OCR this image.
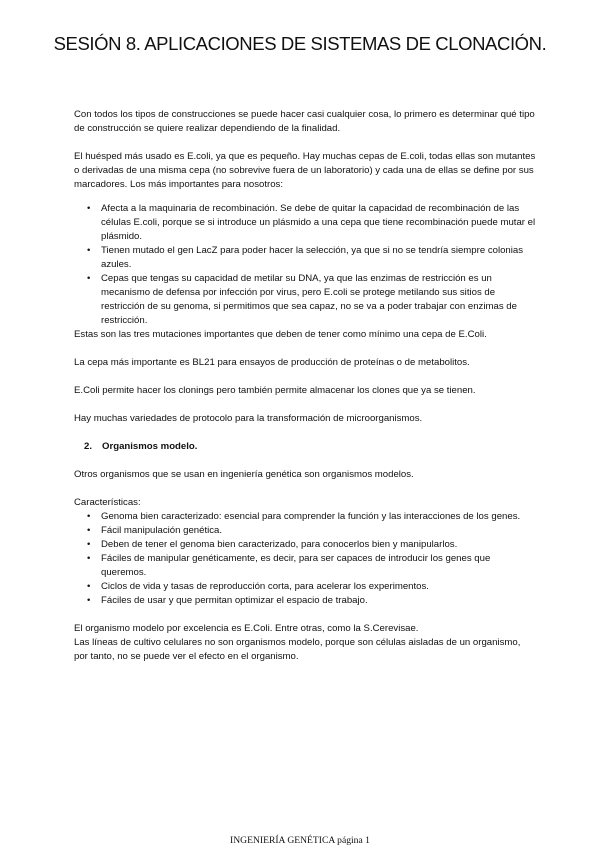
SESIÓN 8. APLICACIONES DE SISTEMAS DE CLONACIÓN.

Con todos los tipos de construcciones se puede hacer casi cualquier cosa, lo primero es determinar qué tipo de construcción se quiere realizar dependiendo de la finalidad.

El huésped más usado es E.coli, ya que es pequeño. Hay muchas cepas de E.coli, todas ellas son mutantes o derivadas de una misma cepa (no sobrevive fuera de un laboratorio) y cada una de ellas se define por sus marcadores. Los más importantes para nosotros:

• Afecta a la maquinaria de recombinación. Se debe de quitar la capacidad de recombinación de las células E.coli, porque se si introduce un plásmido a una cepa que tiene recombinación puede mutar el plásmido.
• Tienen mutado el gen LacZ para poder hacer la selección, ya que si no se tendría siempre colonias azules.
• Cepas que tengas su capacidad de metilar su DNA, ya que las enzimas de restricción es un mecanismo de defensa por infección por virus, pero E.coli se protege metilando sus sitios de restricción de su genoma, si permitimos que sea capaz, no se va a poder trabajar con enzimas de restricción.

Estas son las tres mutaciones importantes que deben de tener como mínimo una cepa de E.Coli.

La cepa más importante es BL21 para ensayos de producción de proteínas o de metabolitos.

E.Coli permite hacer los clonings pero también permite almacenar los clones que ya se tienen.

Hay muchas variedades de protocolo para la transformación de microorganismos.

2. Organismos modelo.

Otros organismos que se usan en ingeniería genética son organismos modelos.

Características:

• Genoma bien caracterizado: esencial para comprender la función y las interacciones de los genes.
• Fácil manipulación genética.
• Deben de tener el genoma bien caracterizado, para conocerlos bien y manipularlos.
• Fáciles de manipular genéticamente, es decir, para ser capaces de introducir los genes que queremos.
• Ciclos de vida y tasas de reproducción corta, para acelerar los experimentos.
• Fáciles de usar y que permitan optimizar el espacio de trabajo.

El organismo modelo por excelencia es E.Coli. Entre otras, como la S.Cerevisae.

Las líneas de cultivo celulares no son organismos modelo, porque son células aisladas de un organismo, por tanto, no se puede ver el efecto en el organismo.

INGENIERÍA GENÉTICA página 1
